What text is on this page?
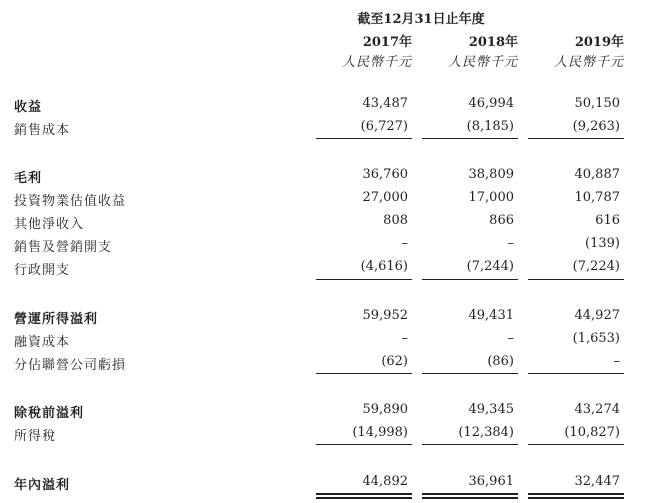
截至12月31日止年度
2017年	2018年	2019年
人民幣千元	人民幣千元	人民幣千元
收益	43,487	46,994	50,150
銷售成本	(6,727)	(8,185)	(9,263)
毛利	36,760	38,809	40,887
投資物業估值收益	27,000	17,000	10,787
其他淨收入	808	866	616
銷售及營銷開支	–	–	(139)
行政開支	(4,616)	(7,244)	(7,224)
營運所得溢利	59,952	49,431	44,927
融資成本	–	–	(1,653)
分佔聯營公司虧損	(62)	(86)	–
除稅前溢利	59,890	49,345	43,274
所得稅	(14,998)	(12,384)	(10,827)
年內溢利	44,892	36,961	32,447
